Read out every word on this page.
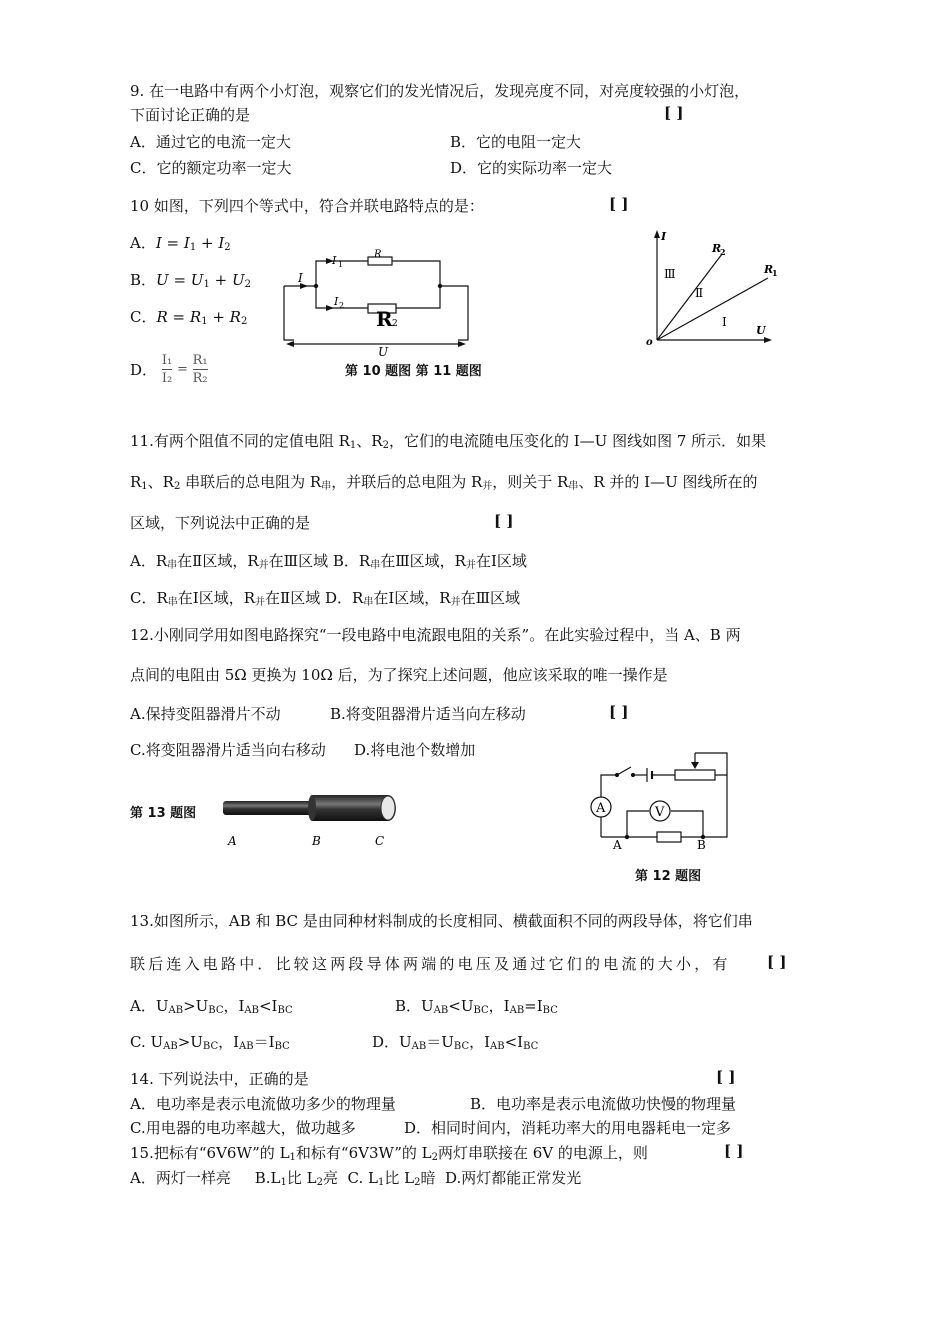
9. 在一电路中有两个小灯泡，观察它们的发光情况后，发现亮度不同，对亮度较强的小灯泡，
下面讨论正确的是	[ ]
A．通过它的电流一定大	B．它的电阻一定大
C．它的额定功率一定大	D．它的实际功率一定大
10 如图，下列四个等式中，符合并联电路特点的是：	[ ]
A．$I = I_1 + I_2$
B．$U = U_1 + U_2$
C．$R = R_1 + R_2$
D． $\frac{\text{I₁}}{\text{I₂}} = \frac{\text{R₁}}{\text{R₂}}$
I
I 1
R
I 2
R 2
U
第 10 题图 第 11 题图
I
U
o
R
2
R
1
Ⅲ
Ⅱ
Ⅰ
11.有两个阻值不同的定值电阻 $R_1$、$R_2$，它们的电流随电压变化的 I—U 图线如图 7 所示．如果
$R_1$、$R_2$ 串联后的总电阻为 $R_串$，并联后的总电阻为 $R_并$，则关于 $R_串$、R 并的 I—U 图线所在的
区域，下列说法中正确的是	[ ]
A．$R_串$在Ⅱ区域，$R_并$在Ⅲ区域 B．$R_串$在Ⅲ区域，$R_并$在Ⅰ区域
C．$R_串$在Ⅰ区域，$R_并$在Ⅱ区域 D．$R_串$在Ⅰ区域，$R_并$在Ⅲ区域
12.小刚同学用如图电路探究“一段电路中电流跟电阻的关系”。在此实验过程中，当 A、B 两
点间的电阻由 5Ω 更换为 10Ω 后，为了探究上述问题，他应该采取的唯一操作是
A.保持变阻器滑片不动	B.将变阻器滑片适当向左移动	[ ]
C.将变阻器滑片适当向右移动 D.将电池个数增加
A	V
A	B
第 12 题图
第 13 题图
A	B	C
13.如图所示，AB 和 BC 是由同种材料制成的长度相同、横截面积不同的两段导体，将它们串
联后连入电路中．比较这两段导体两端的电压及通过它们的电流的大小，有 [ ]
A．$U_{AB}>U_{BC}$，$I_{AB}<I_{BC}$	B．$U_{AB}<U_{BC}$，$I_{AB}=I_{BC}$
C. $U_{AB}>U_{BC}$，$I_{AB}=I_{BC}$	D．$U_{AB}=U_{BC}$，$I_{AB}<I_{BC}$
14. 下列说法中，正确的是	[ ]
A．电功率是表示电流做功多少的物理量	B．电功率是表示电流做功快慢的物理量
C.用电器的电功率越大，做功越多	D．相同时间内，消耗功率大的用电器耗电一定多
15.把标有“6V6W”的 $L_1$和标有“6V3W”的 $L_2$两灯串联接在 6V 的电源上，则	[ ]
A．两灯一样亮 $B.L_1$比 $L_2$亮 C. $L_1$比 $L_2$暗 D.两灯都能正常发光
